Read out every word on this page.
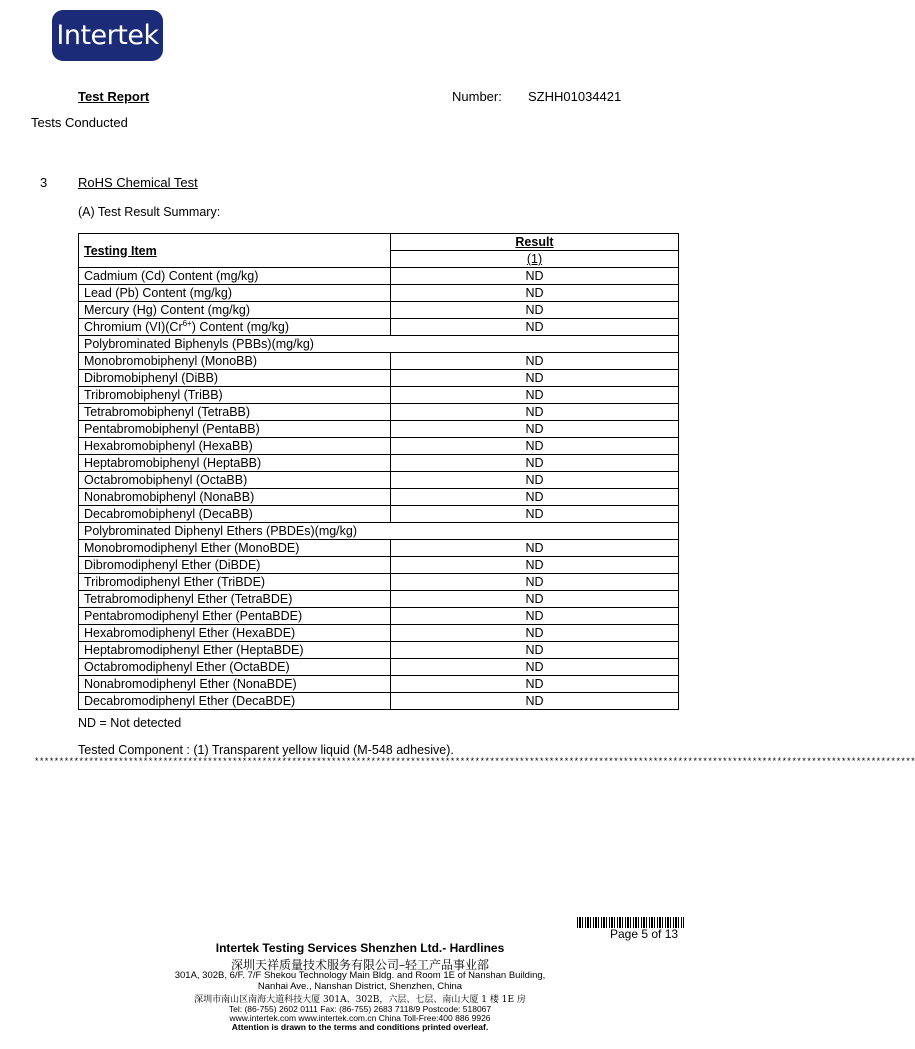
Intertek
Test Report	Number: SZHH01034421
Tests Conducted
3 RoHS Chemical Test
(A) Test Result Summary:
Testing Item	Result
	(1)
Cadmium (Cd) Content (mg/kg)	ND
Lead (Pb) Content (mg/kg)	ND
Mercury (Hg) Content (mg/kg)	ND
Chromium $(VI)(Cr^{6+})$ Content (mg/kg)	ND
Polybrominated Biphenyls (PBBs)(mg/kg)	
Monobromobiphenyl (MonoBB)	ND
Dibromobiphenyl (DiBB)	ND
Tribromobiphenyl (TriBB)	ND
Tetrabromobiphenyl (TetraBB)	ND
Pentabromobiphenyl (PentaBB)	ND
Hexabromobiphenyl (HexaBB)	ND
Heptabromobiphenyl (HeptaBB)	ND
Octabromobiphenyl (OctaBB)	ND
Nonabromobiphenyl (NonaBB)	ND
Decabromobiphenyl (DecaBB)	ND
Polybrominated Diphenyl Ethers (PBDEs)(mg/kg)	
Monobromodiphenyl Ether (MonoBDE)	ND
Dibromodiphenyl Ether (DiBDE)	ND
Tribromodiphenyl Ether (TriBDE)	ND
Tetrabromodiphenyl Ether (TetraBDE)	ND
Pentabromodiphenyl Ether (PentaBDE)	ND
Hexabromodiphenyl Ether (HexaBDE)	ND
Heptabromodiphenyl Ether (HeptaBDE)	ND
Octabromodiphenyl Ether (OctaBDE)	ND
Nonabromodiphenyl Ether (NonaBDE)	ND
Decabromodiphenyl Ether (DecaBDE)	ND
ND = Not detected
Tested Component : (1) Transparent yellow liquid (M-548 adhesive).
**********************************************************************************************************************************************************************************
Page 5 of 13
Intertek Testing Services Shenzhen Ltd.- Hardlines
深圳天祥质量技术服务有限公司–轻工产品事业部
301A, 302B, 6/F. 7/F Shekou Technology Main Bldg. and Room 1E of Nanshan Building,
Nanhai Ave., Nanshan District, Shenzhen, China
深圳市南山区南海大道科技大厦 301A、302B，六层、七层、南山大厦 1 楼 1E 房
Tel: (86-755) 2602 0111 Fax: (86-755) 2683 7118/9 Postcode: 518067
www.intertek.com www.intertek.com.cn China Toll-Free:400 886 9926
Attention is drawn to the terms and conditions printed overleaf.
